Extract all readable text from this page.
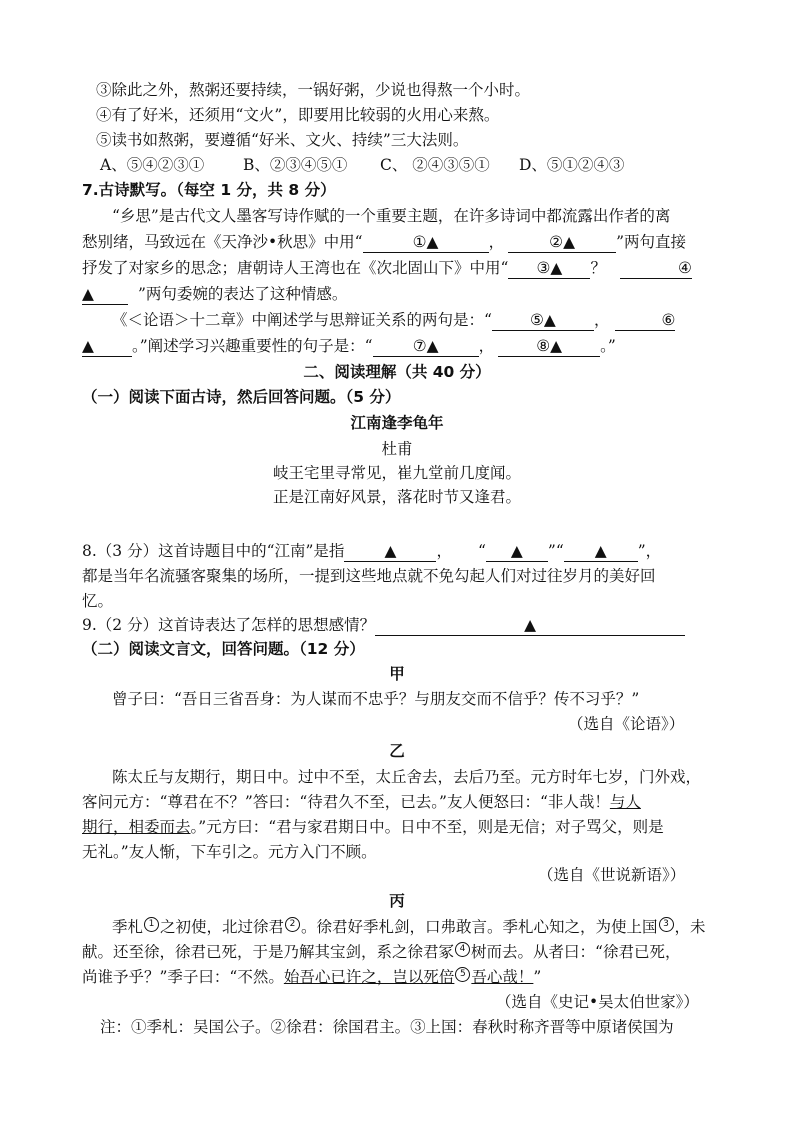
③除此之外，熬粥还要持续，一锅好粥，少说也得熬一个小时。
④有了好米，还须用“文火”，即要用比较弱的火用心来熬。
⑤读书如熬粥，要遵循“好米、文火、持续”三大法则。
A、⑤④②③①	B、②③④⑤① C、 ②④③⑤① D、⑤①②④③
7.古诗默写。（每空 1 分，共 8 分）
“乡思”是古代文人墨客写诗作赋的一个重要主题，在许多诗词中都流露出作者的离
愁别绪，马致远在《天净沙•秋思》中用“	①▲	，	②▲	”两句直接
抒发了对家乡的思念；唐朝诗人王湾也在《次北固山下》中用“ ③▲ ？	④
▲	”两句委婉的表达了这种情感。
《＜论语＞十二章》中阐述学与思辩证关系的两句是：“ ⑤▲ ，	⑥
▲ 。”阐述学习兴趣重要性的句子是：“	⑦▲	，	⑧▲ 。”
二、阅读理解（共 40 分）
（一）阅读下面古诗，然后回答问题。（5 分）
江南逢李龟年
杜甫
岐王宅里寻常见，崔九堂前几度闻。
正是江南好风景，落花时节又逢君。
8.（3 分）这首诗题目中的“江南”是指	▲	， “ ▲ ”“ ▲ ”，
都是当年名流骚客聚集的场所，一提到这些地点就不免勾起人们对过往岁月的美好回
忆。
9.（2 分）这首诗表达了怎样的思想感情？	▲
（二）阅读文言文，回答问题。（12 分）
甲
曾子曰：“吾日三省吾身：为人谋而不忠乎？与朋友交而不信乎？传不习乎？”
（选自《论语》）
乙
陈太丘与友期行，期日中。过中不至，太丘舍去，去后乃至。元方时年七岁，门外戏，
客问元方：“尊君在不？”答曰：“待君久不至，已去。”友人便怒曰：“非人哉！与人
期行，相委而去。”元方曰：“君与家君期日中。日中不至，则是无信；对子骂父，则是
无礼。”友人惭，下车引之。元方入门不顾。
（选自《世说新语》）
丙
季札 1 之初使，北过徐君 2 。徐君好季札剑，口弗敢言。季札心知之，为使上国 3 ，未
献。还至徐，徐君已死，于是乃解其宝剑，系之徐君冢 4 树而去。从者曰：“徐君已死，
尚谁予乎？”季子曰：“不然。始吾心已许之，岂以死倍 5 吾心哉！”
（选自《史记•吴太伯世家》）
注：①季札：吴国公子。②徐君：徐国君主。③上国：春秋时称齐晋等中原诸侯国为
